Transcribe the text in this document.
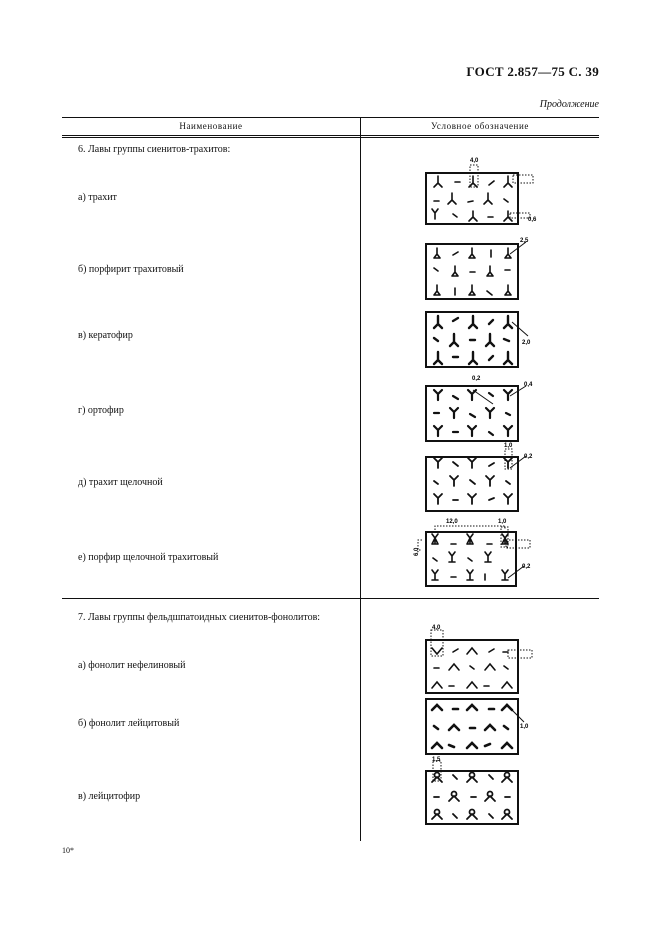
ГОСТ 2.857—75 С. 39
Продолжение
Наименование	Условное обозначение
6. Лавы группы сиенитов-трахитов:
а) трахит
б) порфирит трахитовый
в) кератофир
г) ортофир
д) трахит щелочной
е) порфир щелочной трахитовый
7. Лавы группы фельдшпатоидных сиенитов-фонолитов:
а) фонолит нефелиновый
б) фонолит лейцитовый
в) лейцитофир
4,0
0,6
2,5
2,0
0,2
0,4
1,0
0,2
12,0	1,0
6,0
0,2
4,0
1,0
1,5
10*
